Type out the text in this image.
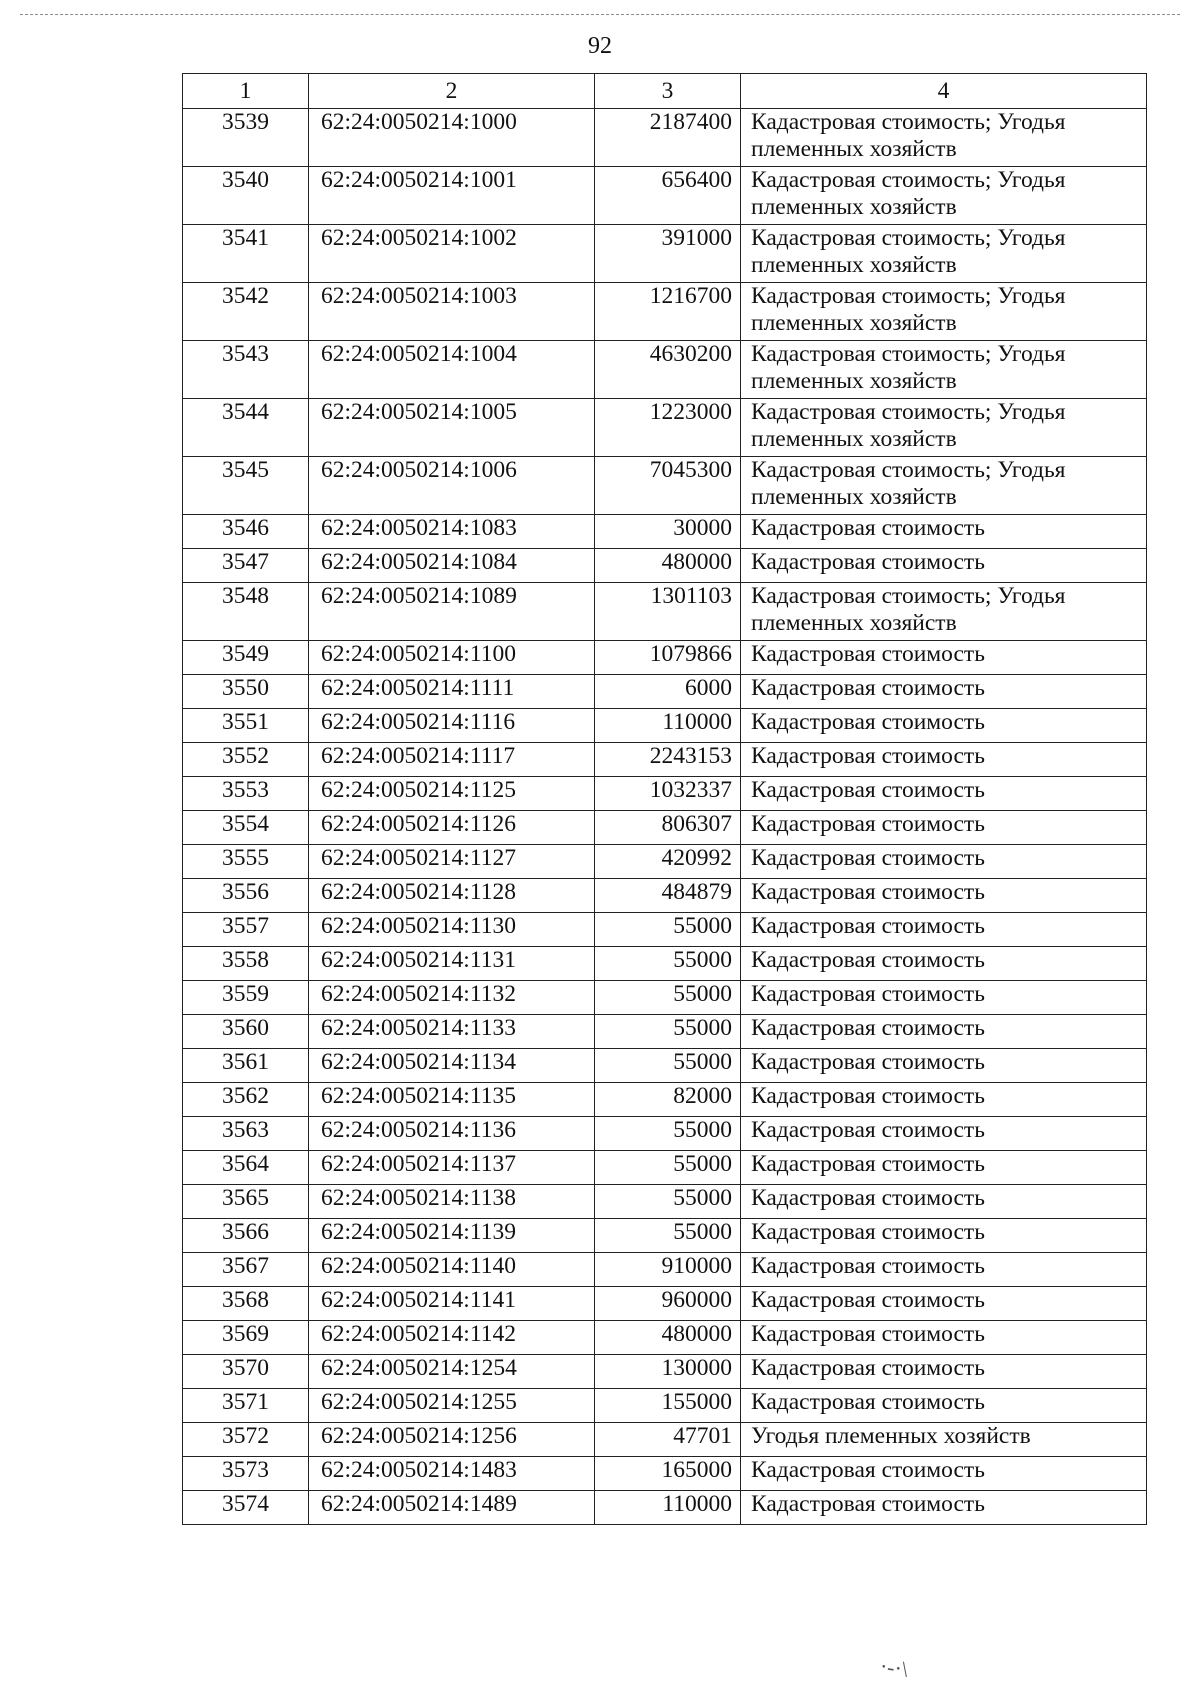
92
1	2	3	4
3539	62:24:0050214:1000	2187400	Кадастровая стоимость; Угодья племенных хозяйств
3540	62:24:0050214:1001	656400	Кадастровая стоимость; Угодья племенных хозяйств
3541	62:24:0050214:1002	391000	Кадастровая стоимость; Угодья племенных хозяйств
3542	62:24:0050214:1003	1216700	Кадастровая стоимость; Угодья племенных хозяйств
3543	62:24:0050214:1004	4630200	Кадастровая стоимость; Угодья племенных хозяйств
3544	62:24:0050214:1005	1223000	Кадастровая стоимость; Угодья племенных хозяйств
3545	62:24:0050214:1006	7045300	Кадастровая стоимость; Угодья племенных хозяйств
3546	62:24:0050214:1083	30000	Кадастровая стоимость
3547	62:24:0050214:1084	480000	Кадастровая стоимость
3548	62:24:0050214:1089	1301103	Кадастровая стоимость; Угодья племенных хозяйств
3549	62:24:0050214:1100	1079866	Кадастровая стоимость
3550	62:24:0050214:1111	6000	Кадастровая стоимость
3551	62:24:0050214:1116	110000	Кадастровая стоимость
3552	62:24:0050214:1117	2243153	Кадастровая стоимость
3553	62:24:0050214:1125	1032337	Кадастровая стоимость
3554	62:24:0050214:1126	806307	Кадастровая стоимость
3555	62:24:0050214:1127	420992	Кадастровая стоимость
3556	62:24:0050214:1128	484879	Кадастровая стоимость
3557	62:24:0050214:1130	55000	Кадастровая стоимость
3558	62:24:0050214:1131	55000	Кадастровая стоимость
3559	62:24:0050214:1132	55000	Кадастровая стоимость
3560	62:24:0050214:1133	55000	Кадастровая стоимость
3561	62:24:0050214:1134	55000	Кадастровая стоимость
3562	62:24:0050214:1135	82000	Кадастровая стоимость
3563	62:24:0050214:1136	55000	Кадастровая стоимость
3564	62:24:0050214:1137	55000	Кадастровая стоимость
3565	62:24:0050214:1138	55000	Кадастровая стоимость
3566	62:24:0050214:1139	55000	Кадастровая стоимость
3567	62:24:0050214:1140	910000	Кадастровая стоимость
3568	62:24:0050214:1141	960000	Кадастровая стоимость
3569	62:24:0050214:1142	480000	Кадастровая стоимость
3570	62:24:0050214:1254	130000	Кадастровая стоимость
3571	62:24:0050214:1255	155000	Кадастровая стоимость
3572	62:24:0050214:1256	47701	Угодья племенных хозяйств
3573	62:24:0050214:1483	165000	Кадастровая стоимость
3574	62:24:0050214:1489	110000	Кадастровая стоимость
·-·\
